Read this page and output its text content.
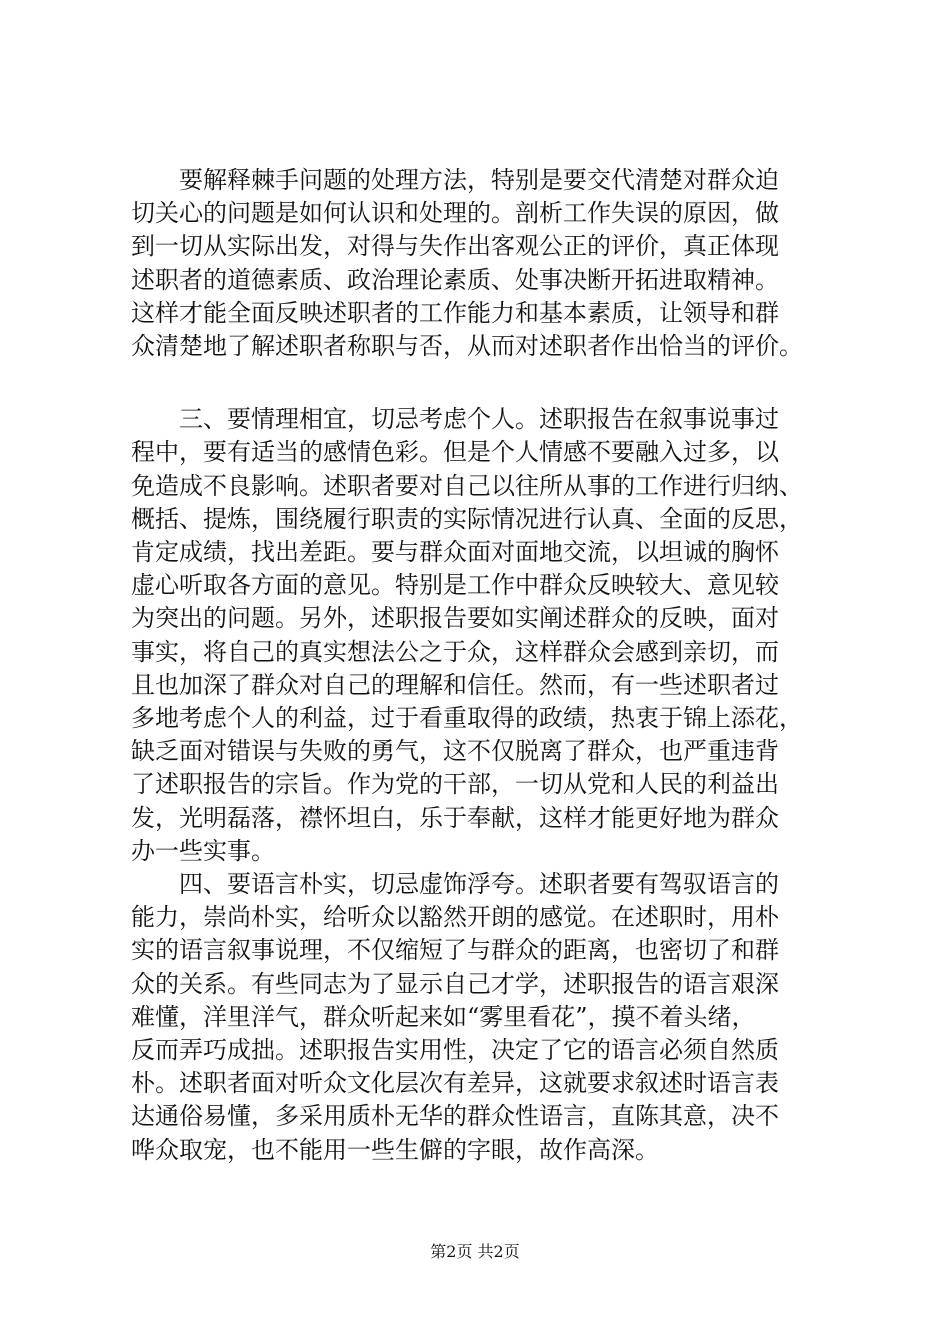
要解释棘手问题的处理方法，特别是要交代清楚对群众迫
切关心的问题是如何认识和处理的。剖析工作失误的原因，做
到一切从实际出发，对得与失作出客观公正的评价，真正体现
述职者的道德素质、政治理论素质、处事决断开拓进取精神。
这样才能全面反映述职者的工作能力和基本素质，让领导和群
众清楚地了解述职者称职与否，从而对述职者作出恰当的评价。

三、要情理相宜，切忌考虑个人。述职报告在叙事说事过
程中，要有适当的感情色彩。但是个人情感不要融入过多，以
免造成不良影响。述职者要对自己以往所从事的工作进行归纳、
概括、提炼，围绕履行职责的实际情况进行认真、全面的反思，
肯定成绩，找出差距。要与群众面对面地交流，以坦诚的胸怀
虚心听取各方面的意见。特别是工作中群众反映较大、意见较
为突出的问题。另外，述职报告要如实阐述群众的反映，面对
事实，将自己的真实想法公之于众，这样群众会感到亲切，而
且也加深了群众对自己的理解和信任。然而，有一些述职者过
多地考虑个人的利益，过于看重取得的政绩，热衷于锦上添花，
缺乏面对错误与失败的勇气，这不仅脱离了群众，也严重违背
了述职报告的宗旨。作为党的干部，一切从党和人民的利益出
发，光明磊落，襟怀坦白，乐于奉献，这样才能更好地为群众
办一些实事。

四、要语言朴实，切忌虚饰浮夸。述职者要有驾驭语言的
能力，崇尚朴实，给听众以豁然开朗的感觉。在述职时，用朴
实的语言叙事说理，不仅缩短了与群众的距离，也密切了和群
众的关系。有些同志为了显示自己才学，述职报告的语言艰深
难懂，洋里洋气，群众听起来如“雾里看花”，摸不着头绪，
反而弄巧成拙。述职报告实用性，决定了它的语言必须自然质
朴。述职者面对听众文化层次有差异，这就要求叙述时语言表
达通俗易懂，多采用质朴无华的群众性语言，直陈其意，决不
哗众取宠，也不能用一些生僻的字眼，故作高深。

第2页 共2页
